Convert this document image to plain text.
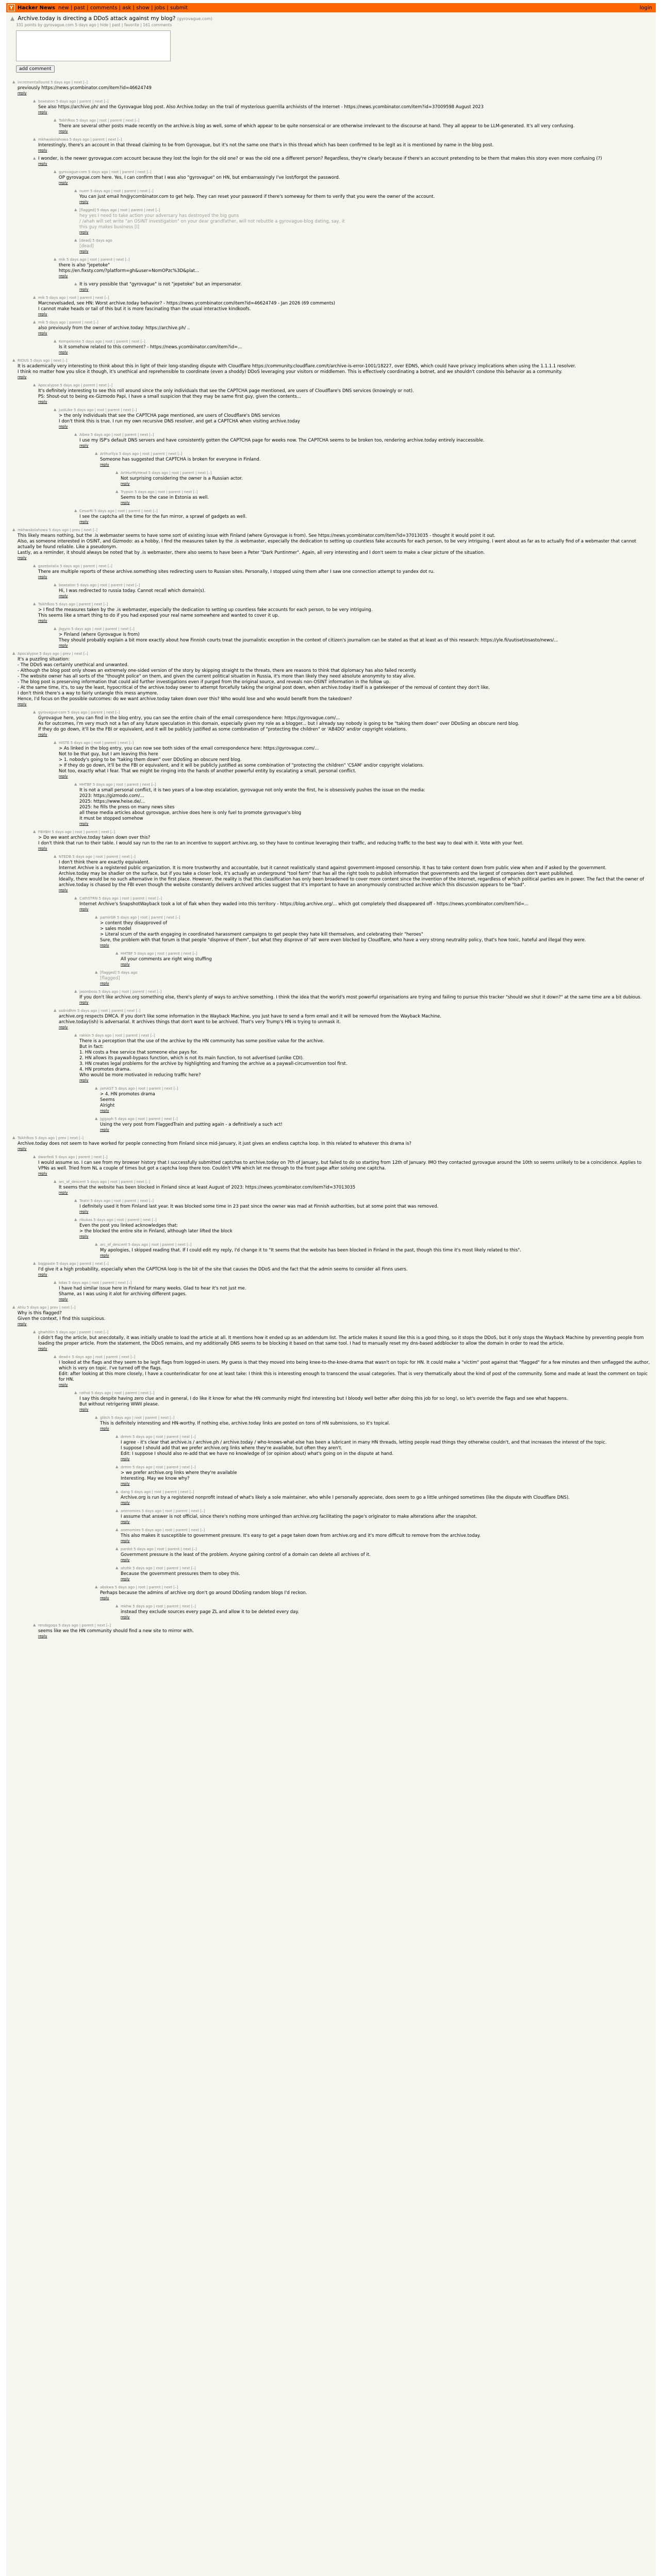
Y Hacker News new | past | comments | ask | show | jobs | submit	login
▲ Archive.today is directing a DDoS attack against my blog? (gyrovague.com)
331 points by gyrovague.com 5 days ago | hide | past | favorite | 161 comments
add comment
▲ incrementalfound 5 days ago | next [–]
previously https://news.ycombinator.com/item?id=46624749
reply
▲ boxeaton 5 days ago | parent | next [–]
See also https://archive.ph/ and the Gyrovague blog post. Also Archive.today: on the trail of mysterious guerrilla archivists of the Internet - https://news.ycombinator.com/item?id=37009598 August 2023
reply
▲ Tsikhfkos 5 days ago | root | parent | next [–]
There are several other posts made recently on the archive.is blog as well, some of which appear to be quite nonsensical or are otherwise irrelevant to the discourse at hand. They all appear to be LLM-generated. It's all very confusing.
reply
▲ mkhwakolahowa 5 days ago | parent | next [–]
Interestingly, there's an account in that thread claiming to be from Gyrovague, but it's not the same one that's in this thread which has been confirmed to be legit as it is mentioned by name in the blog post.
reply
▲ I wonder, is the newer gyrovague.com account because they lost the login for the old one? or was the old one a different person? Regardless, they're clearly because if there's an account pretending to be them that makes this story even more confusing (?)
reply
▲ gyrovague-com 5 days ago | root | parent | next [–]
OP gyrovague.com here. Yes, I can confirm that I was also "gyrovague" on HN, but embarrassingly I've lost/forgot the password.
reply
▲ nuerr 5 days ago | root | parent | next [–]
You can just email hn@ycombinator.com to get help. They can reset your password if there's someway for them to verify that you were the owner of the account.
reply
▲ [flagged] 5 days ago | root | parent | next [–]
hey yes I need to take action your adversary has destroyed the big guns
/ /ahah will set write "an OSINT investigation" on your dear grandfather, will not rebuttle a gyrovague-blog dating, say, it
this guy makes business [I]
reply
▲ [dead] 5 days ago
[dead]
reply
▲ mik 5 days ago | root | parent | next [–]
there is also "jepetoke"
https://en.fixsty.com/?platform=gh&user=NomOPzc%3D&plat...
reply
▲ It is very possible that "gyrovague" is not "jepetoke" but an impersonator.
reply
▲ mik 5 days ago | root | parent | next [–]
Marcnevelsaded, see HN: Worst archive.today behavior? - https://news.ycombinator.com/item?id=46624749 - Jan 2026 (69 comments)
I cannot make heads or tail of this but it is more fascinating than the usual interactive kindkoofs.
reply
▲ mik 5 days ago | parent | next [–]
also previously from the owner of archive.today: https://archive.ph/ ..
reply
▲ Kempelenke 5 days ago | root | parent | next [–]
Is it somehow related to this comment? - https://news.ycombinator.com/item?id=...
reply
▲ RIOUS 5 days ago | next [–]
It is academically very interesting to think about this in light of their long-standing dispute with Cloudflare https://community.cloudflare.com/t/archive-is-error-1001/18227, over EDNS, which could have privacy implications when using the 1.1.1.1 resolver.
I think no matter how you slice it though, it's unethical and reprehensible to coordinate (even a shoddy) DDoS leveraging your visitors or middlemen. This is effectively coordinating a botnet, and we shouldn't condone this behavior as a community.
reply
▲ Apocalypse 5 days ago | parent | next [–]
It's definitely interesting to see this roll around since the only individuals that see the CAPTCHA page mentioned, are users of Cloudflare's DNS services (knowingly or not).
PS: Shout-out to being ex-Gizmodo Papi, I have a small suspicion that they may be same first guy, given the contents...
reply
▲ justLike 5 days ago | root | parent | next [–]
> the only individuals that see the CAPTCHA page mentioned, are users of Cloudflare's DNS services
I don't think this is true. I run my own recursive DNS resolver, and get a CAPTCHA when visiting archive.today
reply
▲ Aibex 5 days ago | root | parent | next [–]
I use my ISP's default DNS servers and have consistently gotten the CAPTCHA page for weeks now. The CAPTCHA seems to be broken too, rendering archive.today entirely inaccessible.
reply
▲ Arthurllya 5 days ago | root | parent | next [–]
Someone has suggested that CAPTCHA is broken for everyone in Finland.
reply
▲ ArtHurMyHead 5 days ago | root | parent | next [–]
Not surprising considering the owner is a Russian actor.
reply
▲ Trypsin 5 days ago | root | parent | next [–]
Seems to be the case in Estonia as well.
reply
▲ CesarRi 5 days ago | root | parent | next [–]
I see the captcha all the time for the fun mirror, a sprawl of gadgets as well.
reply
▲ mkhwakolahowa 5 days ago | prev | next [–]
This likely means nothing, but the .is webmaster seems to have some sort of existing issue with Finland (where Gyrovague is from). See https://news.ycombinator.com/item?id=37013035 - thought it would point it out.
Also, as someone interested in OSINT, and Gizmodo: as a hobby, I find the measures taken by the .is webmaster, especially the dedication to setting up countless fake accounts for each person, to be very intriguing. I went about as far as to actually find of a webmaster that cannot actually be found reliable. Like a pseudonym.
Lastly, as a reminder, it should always be noted that by .is webmaster, there also seems to have been a Peter "Dark Puntinmer". Again, all very interesting and I don't seem to make a clear picture of the situation.
reply
▲ gazebolalia 5 days ago | parent | next [–]
There are multiple reports of these archive.something sites redirecting users to Russian sites. Personally, I stopped using them after I saw one connection attempt to yandex dot ru.
reply
▲ boxeaton 5 days ago | root | parent | next [–]
Hi, I was redirected to russia today. Cannot recall which domain(s).
reply
▲ Tsikhfkos 5 days ago | parent | next [–]
> I find the measures taken by the .is webmaster, especially the dedication to setting up countless fake accounts for each person, to be very intriguing.
This seems like a smart thing to do if you had exposed your real name somewhere and wanted to cover it up.
reply
▲ jbgyro 5 days ago | root | parent | next [–]
> Finland (where Gyrovague is from)
They should probably explain a bit more exactly about how Finnish courts treat the journalistic exception in the context of citizen's journalism can be stated as that at least as of this research: https://yle.fi/uutiset/osasto/news/...
reply
▲ Apocalypse 5 days ago | prev | next [–]
It's a puzzling situation:
- The DDoS was certainly unethical and unwanted.
- Although the blog post only shows an extremely one-sided version of the story by skipping straight to the threats, there are reasons to think that diplomacy has also failed recently.
- The website owner has all sorts of the "thought police" on them, and given the current political situation in Russia, it's more than likely they need absolute anonymity to stay alive.
- The blog post is preserving information that could aid further investigations even if purged from the original source, and reveals non-OSINT information in the follow up.
- At the same time, it's, to say the least, hypocritical of the archive.today owner to attempt forcefully taking the original post down, when archive.today itself is a gatekeeper of the removal of content they don't like.
I don't think there's a way to fairly untangle this mess anymore.
Hence, I'd focus on the possible outcomes: do we want archive.today taken down over this? Who would lose and who would benefit from the takedown?
reply
▲ gyrovague-com 5 days ago | parent | next [–]
Gyrovague here, you can find in the blog entry, you can see the entire chain of the email correspondence here: https://gyrovague.com/...
As for outcomes, I'm very much not a fan of any future speculation in this domain, especially given my role as a blogger... but I already say nobody is going to be "taking them down" over DDoSing an obscure nerd blog.
If they do go down, it'll be the FBI or equivalent, and it will be publicly justified as some combination of "protecting the children" or 'AB4DO' and/or copyright violations.
reply
▲ HISTE 5 days ago | root | parent | next [–]
> As linked in the blog entry, you can now see both sides of the email correspondence here: https://gyrovague.com/...
Not to be that guy, but I am leaving this here
> 1. nobody's going to be "taking them down" over DDoSing an obscure nerd blog.
> If they do go down, it'll be the FBI or equivalent, and it will be publicly justified as some combination of "protecting the children" 'CSAM' and/or copyright violations.
Not too, exactly what I fear. That we might be ringing into the hands of another powerful entity by escalating a small, personal conflict.
reply
▲ HHTBF 5 days ago | root | parent | next [–]
It is not a small personal conflict, it is two years of a low-step escalation, gyrovague not only wrote the first, he is obsessively pushes the issue on the media:
2023: https://gizmodo.com/...
2025: https://www.heise.de/...
2025: he fills the press on many news sites
all these media articles about gyrovague, archive does here is only fuel to promote gyrovague's blog
it must be stopped somehow
reply
▲ FBHBH 5 days ago | root | parent | next [–]
> Do we want archive.today taken down over this?
I don't think that run to their table. I would say run to the ran to an incentive to support archive.org, so they have to continue leveraging their traffic, and reducing traffic to the best way to deal with it. Vote with your feet.
reply
▲ NTEDB 5 days ago | root | parent | next [–]
I don't think there are exactly equivalent.
Internet Archive is a registered public organization. It is more trustworthy and accountable, but it cannot realistically stand against government-imposed censorship. It has to take content down from public view when and if asked by the government.
Archive.today may be shadier on the surface, but if you take a closer look, it's actually an underground "tool farm" that has all the right tools to publish information that governments and the largest of companies don't want published.
Ideally, there would be no such alternative in the first place. However, the reality is that this classification has only been broadened to cover more content since the invention of the Internet, regardless of which political parties are in power. The fact that the owner of archive.today is chased by the FBI even though the website constantly delivers archived articles suggest that it's important to have an anonymously constructed archive which this discussion appears to be "bad".
reply
▲ CathSTRN 5 days ago | root | parent | next [–]
Internet Archive's SnapshotWayback took a lot of flak when they waded into this territory - https://blog.archive.org/... which got completely thed disappeared off - https://news.ycombinator.com/item?id=...
reply
▲ pamirGR 5 days ago | root | parent | next [–]
> content they disapproved of
> sales model
> Literal scum of the earth engaging in coordinated harassment campaigns to get people they hate kill themselves, and celebrating their "heroes"
Sure, the problem with that forum is that people "disprove of them", but what they disprove of 'all' were even blocked by Cloudflare, who have a very strong neutrality policy, that's how toxic, hateful and illegal they were.
reply
▲ HHTBF 5 days ago | root | parent | next [–]
All your comments are right wing stuffing
reply
▲ [flagged] 5 days ago
[flagged]
reply
▲ jasonboss 5 days ago | root | parent | next [–]
If you don't like archive.org something else, there's plenty of ways to archive something. I think the idea that the world's most powerful organisations are trying and failing to pursue this tracker "should we shut it down?" at the same time are a bit dubious.
reply
▲ ssdnidhm 5 days ago | root | parent | next [–]
archive.org respects DMCA. If you don't like some information in the Wayback Machine, you just have to send a form email and it will be removed from the Wayback Machine.
archive.today(ish) is adversarial. It archives things that don't want to be archived. That's very Trump's HN is trying to unmask it.
reply
▲ rakkin 5 days ago | root | parent | next [–]
There is a perception that the use of the archive by the HN community has some positive value for the archive.
But in fact:
1. HN costs a free service that someone else pays for.
2. HN allows its paywall-bypass function, which is not its main function, to not advertised (unlike CDI).
3. HN creates legal problems for the archive by highlighting and framing the archive as a paywall-circumvention tool first.
4. HN promotes drama.
Who would be more motivated in reducing traffic here?
reply
▲ jamAST 5 days ago | root | parent | next [–]
> 4. HN promotes drama
Seems
Alright
reply
▲ jgjgaph 5 days ago | root | parent | next [–]
Using the very post from FlaggedTrain and putting again - a definitively a such act!
reply
▲ Tsikhfkos 5 days ago | prev | next [–]
Archive.today does not seem to have worked for people connecting from Finland since mid-January, it just gives an endless captcha loop. In this related to whatever this drama is?
reply
▲ dwarfedi 5 days ago | parent | next [–]
I would assume so. I can see from my browser history that I successfully submitted captchas to archive.today on 7th of January, but failed to do so starting from 12th of January. IMO they contacted gyrovague around the 10th so seems unlikely to be a coincidence. Applies to VPNs as well. Tried from NL a couple of times but got a captcha loop there too. Couldn't VPN which let me through to the front page after solving one captcha.
reply
▲ arc_of_descent 5 days ago | root | parent | next [–]
It seems that the website has been blocked in Finland since at least August of 2023: https://news.ycombinator.com/item?id=37013035
reply
▲ Teatri 5 days ago | root | parent | next [–]
I definitely used it from Finland last year. It was blocked some time in 23 past since the owner was mad at Finnish authorities, but at some point that was removed.
reply
▲ rikukas 5 days ago | root | parent | next [–]
Even the post you linked acknowledges that:
> the blocked the entire site in Finland, although later lifted the block
reply
▲ arc_of_descent 5 days ago | root | parent | next [–]
My apologies, I skipped reading that. If I could edit my reply, I'd change it to "It seems that the website has been blocked in Finland in the past, though this time it's most likely related to this".
reply
▲ bqgpaste 5 days ago | parent | next [–]
I'd give it a high probability, especially when the CAPTCHA loop is the bit of the site that causes the DDoS and the fact that the admin seems to consider all Finns users.
reply
▲ kdas 5 days ago | root | parent | next [–]
I have had similar issue here in Finland for many weeks. Glad to hear it's not just me.
Shame, as I was using it alot for archiving different pages.
reply
▲ Ahlu 5 days ago | prev | next [–]
Why is this flagged?
Given the context, I find this suspicious.
reply
▲ ghwhitlin 5 days ago | parent | next [–]
I didn't flag the article, but anecdotally, it was initially unable to load the article at all. It mentions how it ended up as an addendum list. The article makes it sound like this is a good thing, so it stops the DDoS, but it only stops the Wayback Machine by preventing people from loading the proper article. From the statement, the DDoS remains, and my additionally DNS seems to be blocking it based on that same tool. I had to manually reset my dns-based addblocker to allow the domain in order to read the article.
reply
▲ dead+ 5 days ago | root | parent | next [–]
I looked at the flags and they seem to be legit flags from logged-in users. My guess is that they moved into being knee-to-the-knee-drama that wasn't on topic for HN. It could make a "victim" post against that "flagged" for a few minutes and then unflagged the author, which is very on topic. I've turned off the flags.
Edit: after looking at this more closely, I have a counterindicator for one at least take: I think this is interesting enough to transcend the usual categories. That is very thematically about the kind of post of the community. Some and made at least the comment on topic for HN.
reply
▲ rathol 5 days ago | root | parent | next [–]
I say this despite having zero clue and in general, I do like it know for what the HN community might find interesting but I bloody well better after doing this job for so long!, so let's override the flags and see what happens.
But without retrigering WWII please.
reply
▲ glitch 5 days ago | root | parent | next [–]
This is definitely interesting and HN-worthy. If nothing else, archive.today links are posted on tons of HN submissions, so it's topical.
reply
▲ drmm 5 days ago | root | parent | next [–]
I agree - it's clear that archive.is / archive.ph / archive.today / who-knows-what-else has been a lubricant in many HN threads, letting people read things they otherwise couldn't, and that increases the interest of the topic.
I suppose I should add that we prefer archive.org links where they're available, but often they aren't.
Edit: I suppose I should also re-add that we have no knowledge of (or opinion about) what's going on in the dispute at hand.
reply
▲ drmm 5 days ago | root | parent | next [–]
> we prefer archive.org links where they're available
Interesting. May we know why?
reply
▲ dang 5 days ago | root | parent | next [–]
Archive.org is run by a registered nonprofit instead of what's likely a sole maintainer, who while I personally appreciate, does seem to go a little unhinged sometimes (like the dispute with Cloudflare DNS).
reply
▲ anenomies 5 days ago | root | parent | next [–]
I assume that answer is not official, since there's nothing more unhinged than archive.org facilitating the page's originator to make alterations after the snapshot.
reply
▲ anenomies 5 days ago | root | parent | next [–]
This also makes it susceptible to government pressure. It's easy to get a page taken down from archive.org and it's more difficult to remove from the archive.today.
reply
▲ pardot 5 days ago | root | parent | next [–]
Government pressure is the least of the problem. Anyone gaining control of a domain can delete all archives of it.
reply
▲ ahzhk 5 days ago | root | parent | next [–]
Because the government pressures them to obey this.
reply
▲ abskwa 5 days ago | root | parent | next [–]
Perhaps because the admins of archive org don't go around DDoSing random blogs I'd reckon.
reply
▲ mkhw 5 days ago | root | parent | next [–]
instead they exclude sources every page ZL and allow it to be deleted every day.
reply
▲ rendsgoqa 5 days ago | parent | next [–]
seems like we the HN community should find a new site to mirror with.
reply
